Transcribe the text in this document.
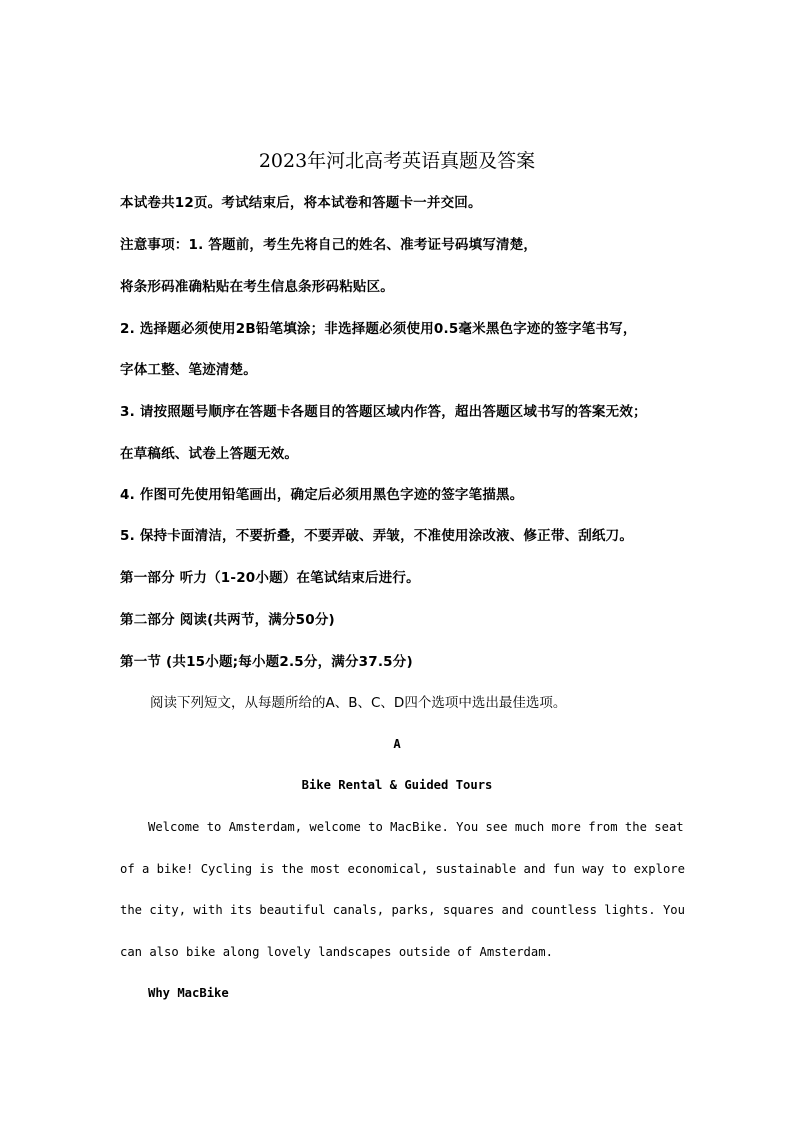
2023年河北高考英语真题及答案
本试卷共12页。考试结束后，将本试卷和答题卡一并交回。
注意事项：1. 答题前，考生先将自己的姓名、准考证号码填写清楚，
将条形码准确粘贴在考生信息条形码粘贴区。
2. 选择题必须使用2B铅笔填涂；非选择题必须使用0.5毫米黑色字迹的签字笔书写，
字体工整、笔迹清楚。
3. 请按照题号顺序在答题卡各题目的答题区域内作答，超出答题区域书写的答案无效；
在草稿纸、试卷上答题无效。
4. 作图可先使用铅笔画出，确定后必须用黑色字迹的签字笔描黑。
5. 保持卡面清洁，不要折叠，不要弄破、弄皱，不准使用涂改液、修正带、刮纸刀。
第一部分 听力（1-20小题）在笔试结束后进行。
第二部分 阅读(共两节，满分50分)
第一节 (共15小题;每小题2.5分，满分37.5分)
阅读下列短文，从每题所给的A、B、C、D四个选项中选出最佳选项。
A
Bike Rental & Guided Tours
Welcome to Amsterdam, welcome to MacBike. You see much more from the seat
of a bike! Cycling is the most economical, sustainable and fun way to explore
the city, with its beautiful canals, parks, squares and countless lights. You
can also bike along lovely landscapes outside of Amsterdam.
Why MacBike
